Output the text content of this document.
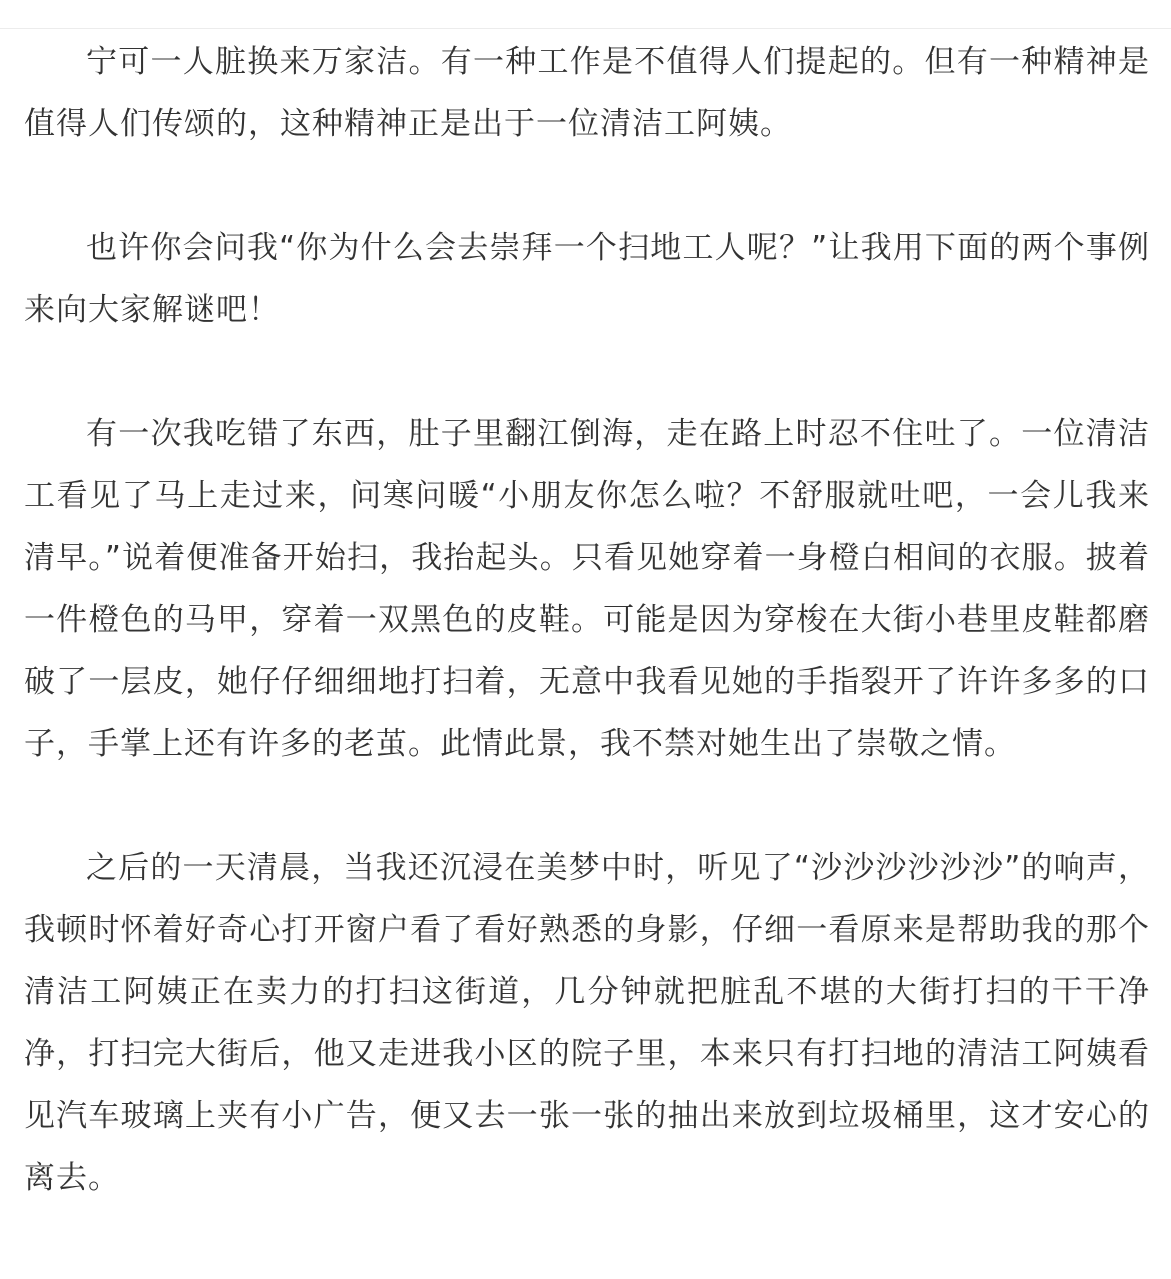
宁可一人脏换来万家洁。有一种工作是不值得人们提起的。但有一种精神是值得人们传颂的，这种精神正是出于一位清洁工阿姨。

也许你会问我“你为什么会去崇拜一个扫地工人呢？”让我用下面的两个事例来向大家解谜吧！

有一次我吃错了东西，肚子里翻江倒海，走在路上时忍不住吐了。一位清洁工看见了马上走过来，问寒问暖“小朋友你怎么啦？不舒服就吐吧，一会儿我来清早。”说着便准备开始扫，我抬起头。只看见她穿着一身橙白相间的衣服。披着一件橙色的马甲，穿着一双黑色的皮鞋。可能是因为穿梭在大街小巷里皮鞋都磨破了一层皮，她仔仔细细地打扫着，无意中我看见她的手指裂开了许许多多的口子，手掌上还有许多的老茧。此情此景，我不禁对她生出了崇敬之情。

之后的一天清晨，当我还沉浸在美梦中时，听见了“沙沙沙沙沙沙”的响声，我顿时怀着好奇心打开窗户看了看好熟悉的身影，仔细一看原来是帮助我的那个清洁工阿姨正在卖力的打扫这街道，几分钟就把脏乱不堪的大街打扫的干干净净，打扫完大街后，他又走进我小区的院子里，本来只有打扫地的清洁工阿姨看见汽车玻璃上夹有小广告，便又去一张一张的抽出来放到垃圾桶里，这才安心的离去。
